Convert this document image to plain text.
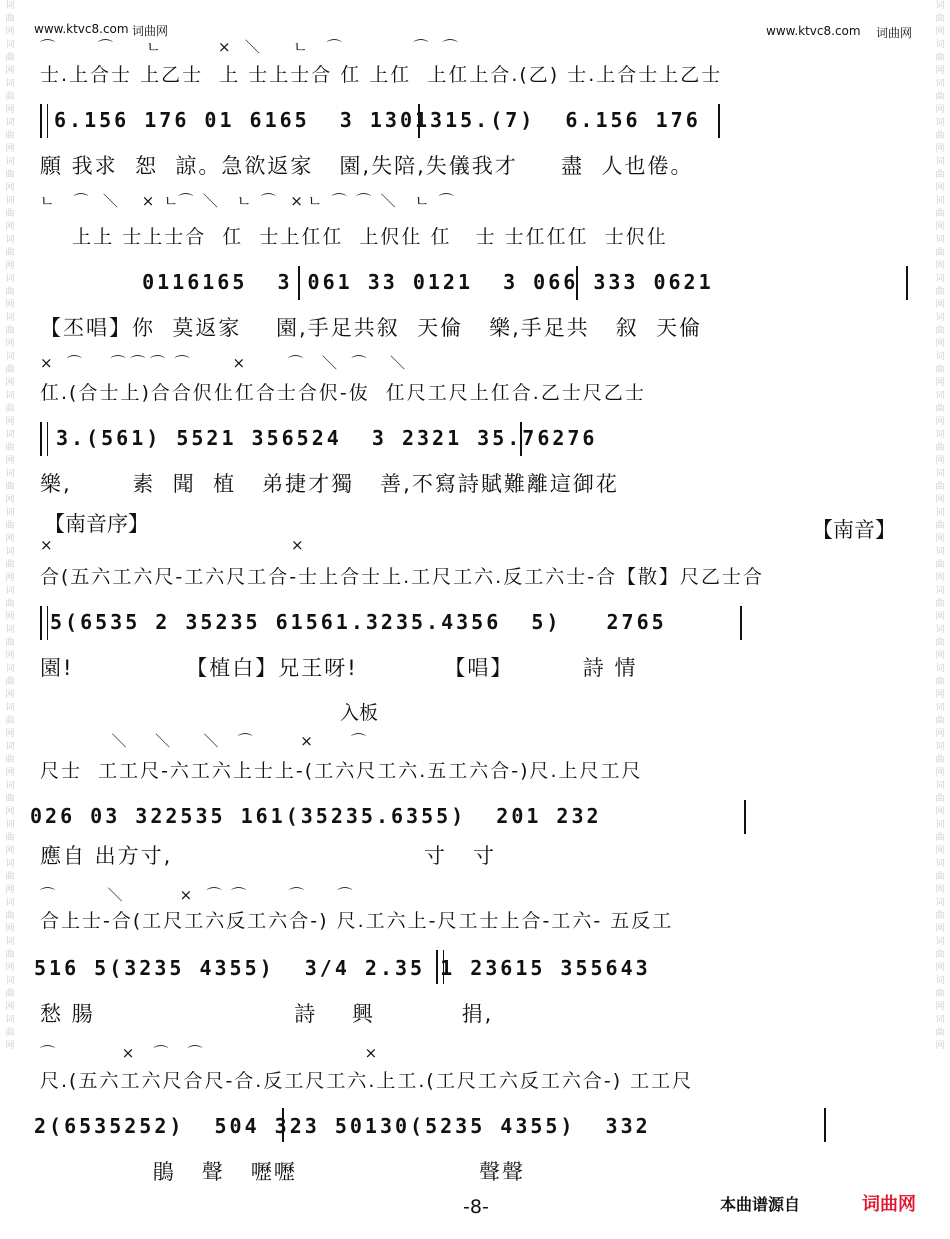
词曲网词曲网词曲网词曲网词曲网词曲网词曲网词曲网词曲网词曲网词曲网词曲网词曲网词曲网词曲网词曲网词曲网词曲网词曲网词曲网词曲网词曲网词曲网词曲网词曲网词曲网词曲网
词曲网词曲网词曲网词曲网词曲网词曲网词曲网词曲网词曲网词曲网词曲网词曲网词曲网词曲网词曲网词曲网词曲网词曲网词曲网词曲网词曲网词曲网词曲网词曲网词曲网词曲网词曲网
www.ktvc8.com 词曲网	www.ktvc8.com 词曲网
⌒         ⌒       ㄴ            ×   ＼       ㄴ    ⌒               ⌒   ⌒
士.上合士 上乙士  上 士上士合 仜 上仜  上仜上合.(乙) 士.上合士上乙士
6.156 176 01 6165  3 1301315.(7)  6.156 176
願 我求  恕  諒。急欲返家   園,失陪,失儀我才     盡  人也倦。
ㄴ    ⌒   ＼     ×  ㄴ⌒  ＼    ㄴ  ⌒   × ㄴ  ⌒  ⌒  ＼    ㄴ  ⌒
上上 士上士合  仜  士上仜仜  上伬仩 仜   士 士仜仜仜  士伬仩
0116165  3 061 33 0121  3 066 333 0621
【丕唱】你  莫返家    園,手足共叙  天倫   樂,手足共   叙  天倫
×   ⌒      ⌒ ⌒ ⌒  ⌒         ×         ⌒    ＼   ⌒     ＼
仜.(合士上)合合伬仩仜合士合伬-伖  仜尺工尺上仜合.乙士尺乙士
3.(561) 5521 356524  3 2321 35.76276
樂,       素  聞  植   弟捷才獨   善,不寫詩賦難離這御花
【南音序】	【南音】
×                                                  ×
合(五六工六尺-工六尺工合-士上合士上.工尺工六.反工六士-合【散】尺乙士合
5(6535 2 35235 61561.3235.4356  5)   2765
園!             【植白】兄王呀!          【唱】        詩 情
入板
＼      ＼       ＼    ⌒          ×        ⌒
尺士  工工尺-六工六上士上-(工六尺工六.五工六合-)尺.上尺工尺
026 03 322535 161(35235.6355)  201 232
應自 出方寸,                             寸   寸
⌒           ＼            ×   ⌒  ⌒         ⌒       ⌒
合上士-合(工尺工六反工六合-) 尺.工六上-尺工士上合-工六- 五反工
516 5(3235 4355)  3/4 2.35 1 23615 355643
愁 腸                       詩    興          捐,
⌒              ×    ⌒    ⌒                                  ×
尺.(五六工六尺合尺-合.反工尺工六.上工.(工尺工六反工六合-) 工工尺
2(6535252)  504 323 50130(5235 4355)  332
鵑   聲   嚦嚦                     聲聲
-8-	本曲谱源自	词曲网
